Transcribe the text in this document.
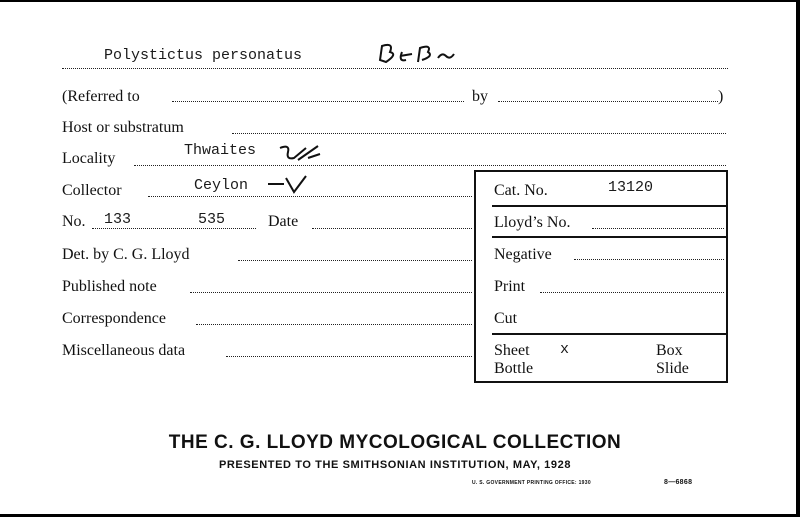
Polystictus personatus
(Referred to	by	)
Host or substratum
Locality	Thwaites
Collector	Ceylon
No. 133	535	Date
Det. by C. G. Lloyd
Published note
Correspondence
Miscellaneous data
Cat. No.	13120
Lloyd’s No.
Negative
Print
Cut
Sheet x	Box
Bottle	Slide
THE C. G. LLOYD MYCOLOGICAL COLLECTION
PRESENTED TO THE SMITHSONIAN INSTITUTION, MAY, 1928
U. S. GOVERNMENT PRINTING OFFICE: 1930	8—6868
